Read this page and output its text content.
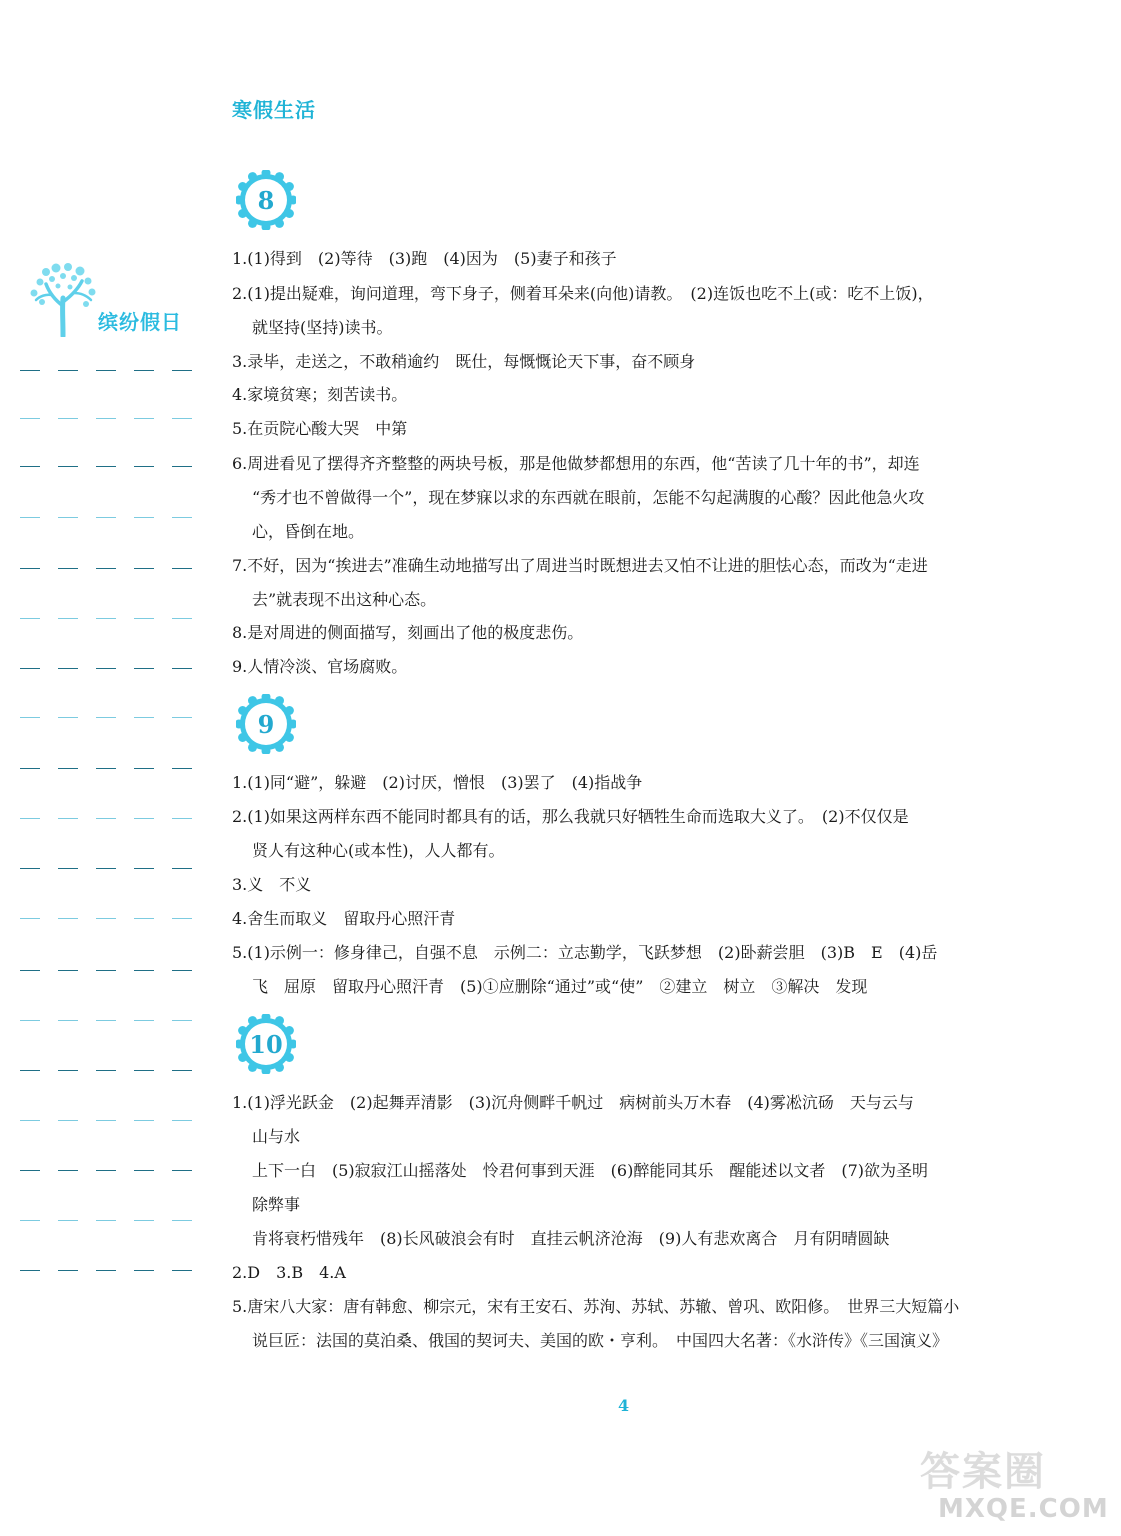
寒假生活
缤纷假日
8
1.(1)得到　(2)等待　(3)跑　(4)因为　(5)妻子和孩子
2.(1)提出疑难，询问道理，弯下身子，侧着耳朵来(向他)请教。　(2)连饭也吃不上(或：吃不上饭)，
就坚持(坚持)读书。
3.录毕，走送之，不敢稍逾约　既仕，每慨慨论天下事，奋不顾身
4.家境贫寒；刻苦读书。
5.在贡院心酸大哭　中第
6.周进看见了摆得齐齐整整的两块号板，那是他做梦都想用的东西，他“苦读了几十年的书”，却连
“秀才也不曾做得一个”，现在梦寐以求的东西就在眼前，怎能不勾起满腹的心酸？因此他急火攻
心，昏倒在地。
7.不好，因为“挨进去”准确生动地描写出了周进当时既想进去又怕不让进的胆怯心态，而改为“走进
去”就表现不出这种心态。
8.是对周进的侧面描写，刻画出了他的极度悲伤。
9.人情冷淡、官场腐败。
9
1.(1)同“避”，躲避　(2)讨厌，憎恨　(3)罢了　(4)指战争
2.(1)如果这两样东西不能同时都具有的话，那么我就只好牺牲生命而选取大义了。　(2)不仅仅是
贤人有这种心(或本性)，人人都有。
3.义　不义
4.舍生而取义　留取丹心照汗青
5.(1)示例一：修身律己，自强不息　示例二：立志勤学，飞跃梦想　(2)卧薪尝胆　(3)B　E　(4)岳
飞　屈原　留取丹心照汗青　(5)①应删除“通过”或“使”　②建立　树立　③解决　发现
10
1.(1)浮光跃金　(2)起舞弄清影　(3)沉舟侧畔千帆过　病树前头万木春　(4)雾凇沆砀　天与云与
山与水
上下一白　(5)寂寂江山摇落处　怜君何事到天涯　(6)醉能同其乐　醒能述以文者　(7)欲为圣明
除弊事
肯将衰朽惜残年　(8)长风破浪会有时　直挂云帆济沧海　(9)人有悲欢离合　月有阴晴圆缺
2.D　3.B　4.A
5.唐宋八大家：唐有韩愈、柳宗元，宋有王安石、苏洵、苏轼、苏辙、曾巩、欧阳修。　世界三大短篇小
说巨匠：法国的莫泊桑、俄国的契诃夫、美国的欧・亨利。　中国四大名著：《水浒传》《三国演义》
4
答案圈
MXQE.COM
